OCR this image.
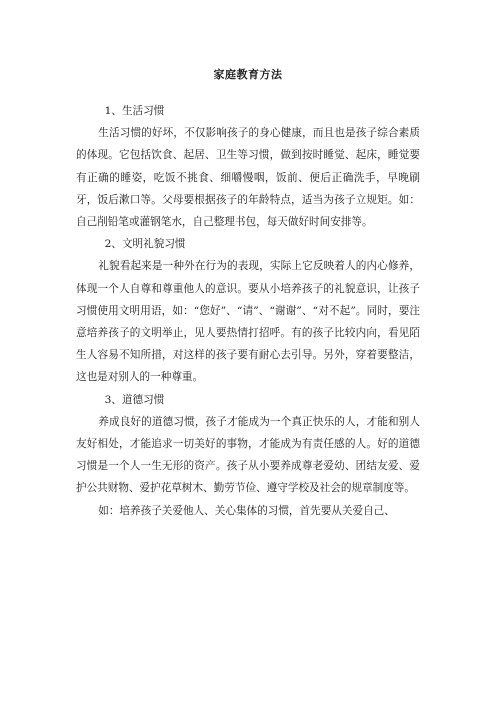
家庭教育方法

1、生活习惯

生活习惯的好坏，不仅影响孩子的身心健康，而且也是孩子综合素质的体现。它包括饮食、起居、卫生等习惯，做到按时睡觉、起床，睡觉要有正确的睡姿，吃饭不挑食、细嚼慢咽，饭前、便后正确洗手，早晚刷牙，饭后漱口等。父母要根据孩子的年龄特点，适当为孩子立规矩。如：自己削铅笔或灌钢笔水，自己整理书包，每天做好时间安排等。

2、文明礼貌习惯

礼貌看起来是一种外在行为的表现，实际上它反映着人的内心修养，体现一个人自尊和尊重他人的意识。要从小培养孩子的礼貌意识，让孩子习惯使用文明用语，如：“您好”、“请”、“谢谢”、“对不起”。同时，要注意培养孩子的文明举止，见人要热情打招呼。有的孩子比较内向，看见陌生人容易不知所措，对这样的孩子要有耐心去引导。另外，穿着要整洁，这也是对别人的一种尊重。

3、道德习惯

养成良好的道德习惯，孩子才能成为一个真正快乐的人，才能和别人友好相处，才能追求一切美好的事物，才能成为有责任感的人。好的道德习惯是一个人一生无形的资产。孩子从小要养成尊老爱幼、团结友爱、爱护公共财物、爱护花草树木、勤劳节俭、遵守学校及社会的规章制度等。

如：培养孩子关爱他人、关心集体的习惯，首先要从关爱自己、
